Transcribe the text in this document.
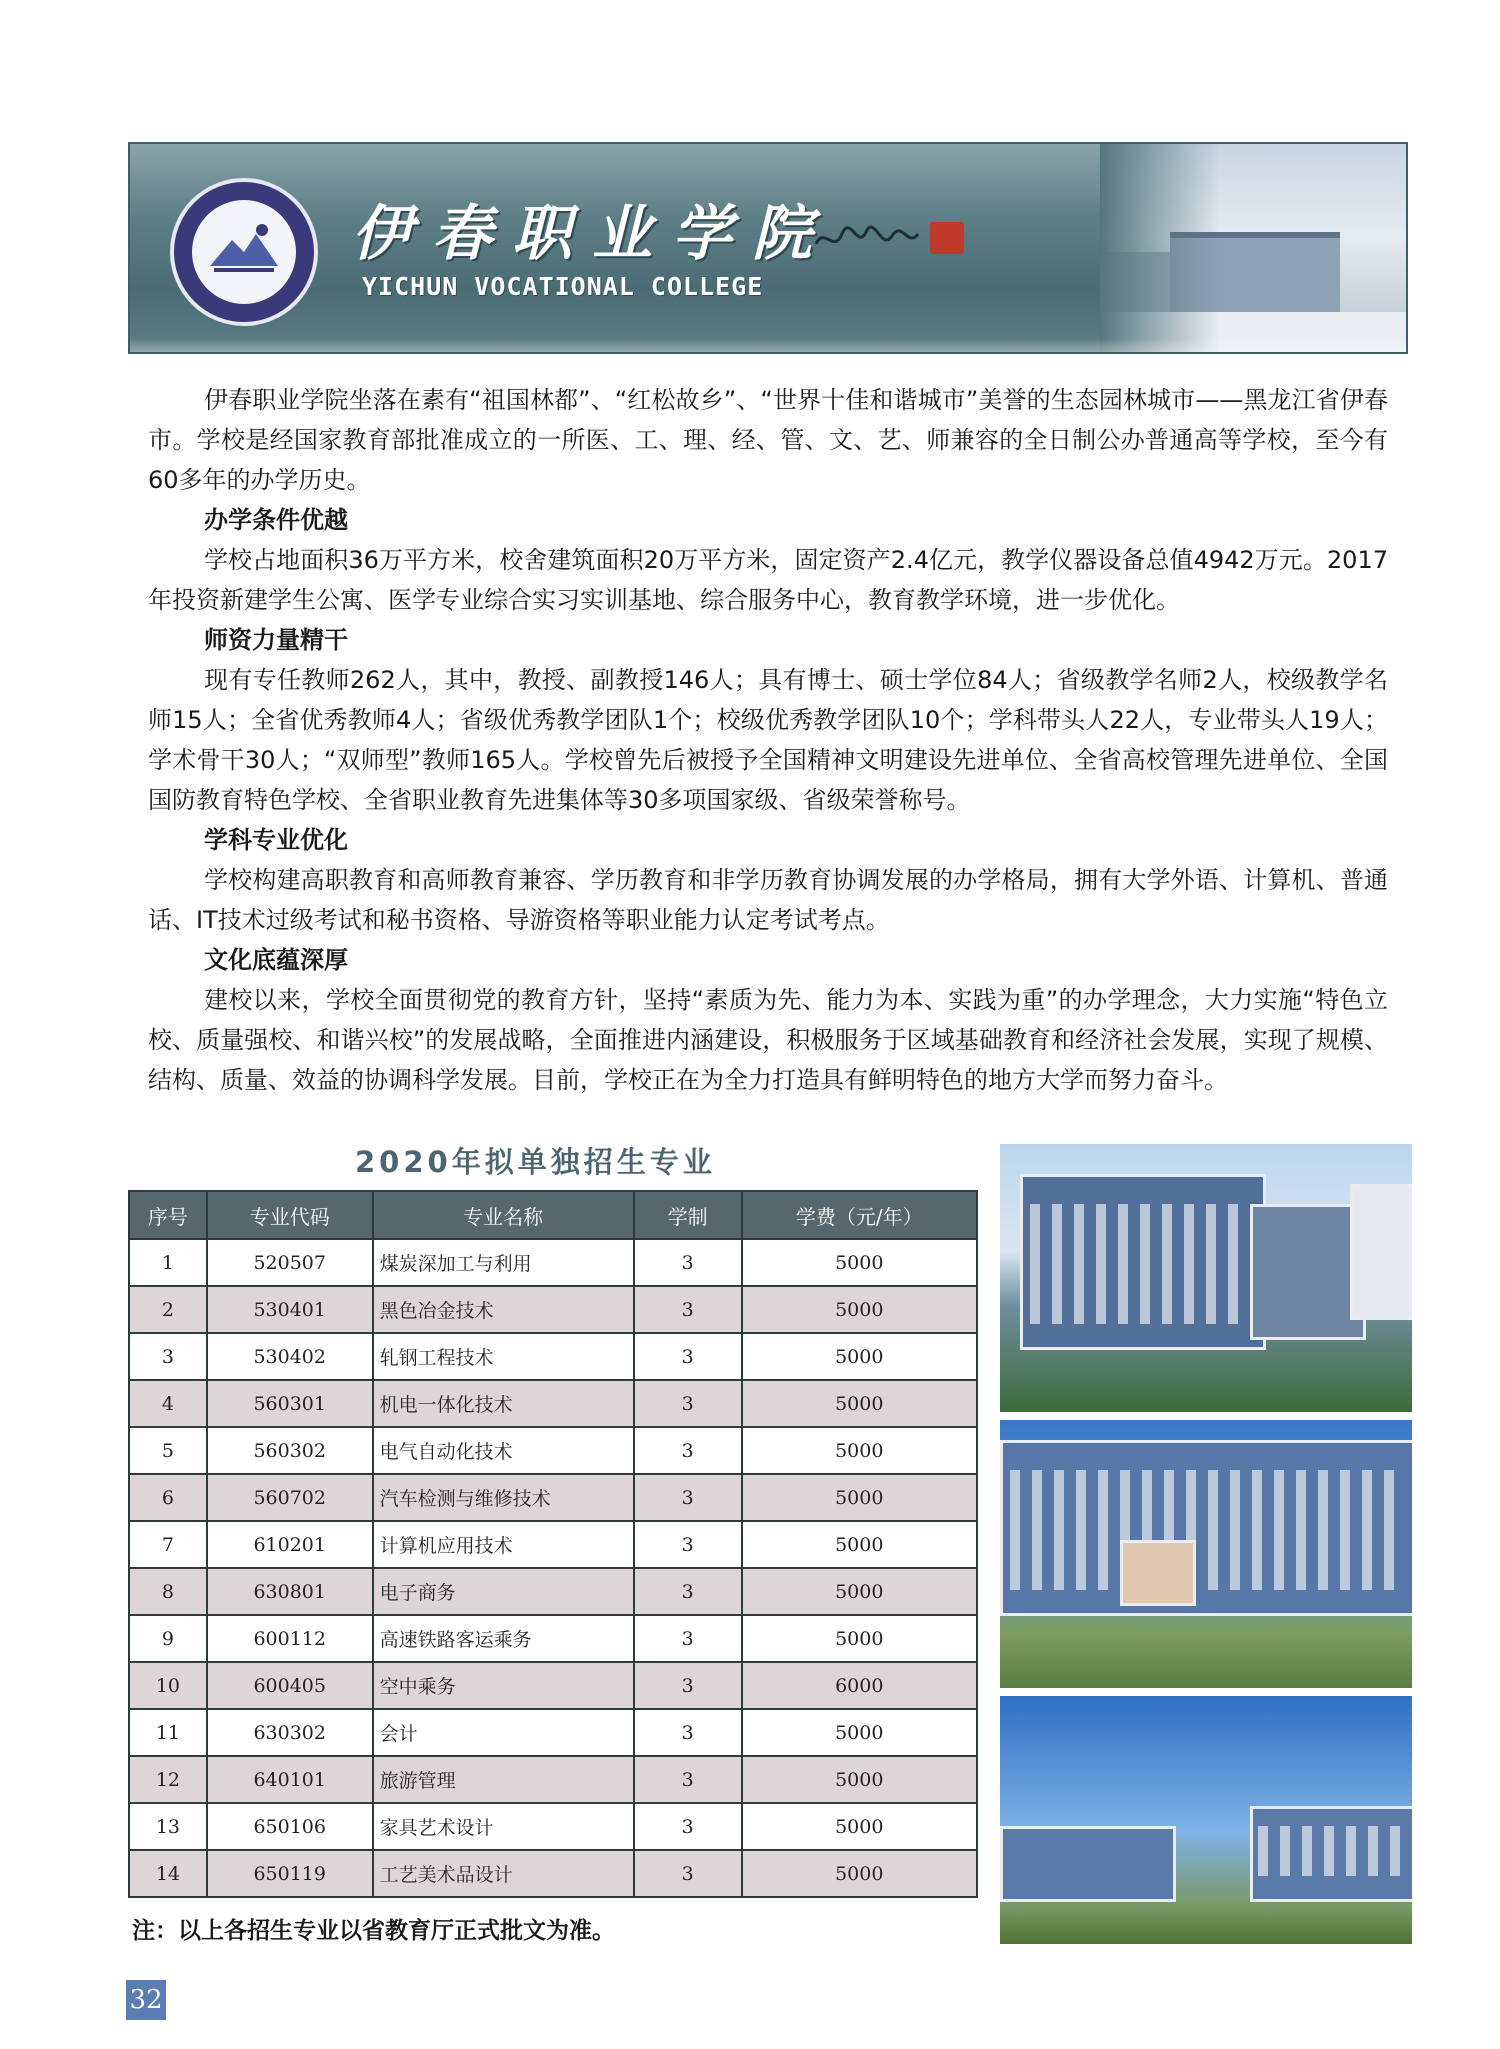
伊春职业学院
YICHUN VOCATIONAL COLLEGE

伊春职业学院坐落在素有“祖国林都”、“红松故乡”、“世界十佳和谐城市”美誉的生态园林城市——黑龙江省伊春市。学校是经国家教育部批准成立的一所医、工、理、经、管、文、艺、师兼容的全日制公办普通高等学校，至今有60多年的办学历史。

办学条件优越

学校占地面积36万平方米，校舍建筑面积20万平方米，固定资产2.4亿元，教学仪器设备总值4942万元。2017年投资新建学生公寓、医学专业综合实习实训基地、综合服务中心，教育教学环境，进一步优化。

师资力量精干

现有专任教师262人，其中，教授、副教授146人；具有博士、硕士学位84人；省级教学名师2人，校级教学名师15人；全省优秀教师4人；省级优秀教学团队1个；校级优秀教学团队10个；学科带头人22人，专业带头人19人；学术骨干30人；“双师型”教师165人。学校曾先后被授予全国精神文明建设先进单位、全省高校管理先进单位、全国国防教育特色学校、全省职业教育先进集体等30多项国家级、省级荣誉称号。

学科专业优化

学校构建高职教育和高师教育兼容、学历教育和非学历教育协调发展的办学格局，拥有大学外语、计算机、普通话、IT技术过级考试和秘书资格、导游资格等职业能力认定考试考点。

文化底蕴深厚

建校以来，学校全面贯彻党的教育方针，坚持“素质为先、能力为本、实践为重”的办学理念，大力实施“特色立校、质量强校、和谐兴校”的发展战略，全面推进内涵建设，积极服务于区域基础教育和经济社会发展，实现了规模、结构、质量、效益的协调科学发展。目前，学校正在为全力打造具有鲜明特色的地方大学而努力奋斗。

2020年拟单独招生专业
序号	专业代码	专业名称	学制	学费（元/年）
1	520507	煤炭深加工与利用	3	5000
2	530401	黑色冶金技术	3	5000
3	530402	轧钢工程技术	3	5000
4	560301	机电一体化技术	3	5000
5	560302	电气自动化技术	3	5000
6	560702	汽车检测与维修技术	3	5000
7	610201	计算机应用技术	3	5000
8	630801	电子商务	3	5000
9	600112	高速铁路客运乘务	3	5000
10	600405	空中乘务	3	6000
11	630302	会计	3	5000
12	640101	旅游管理	3	5000
13	650106	家具艺术设计	3	5000
14	650119	工艺美术品设计	3	5000
注：以上各招生专业以省教育厅正式批文为准。
32
